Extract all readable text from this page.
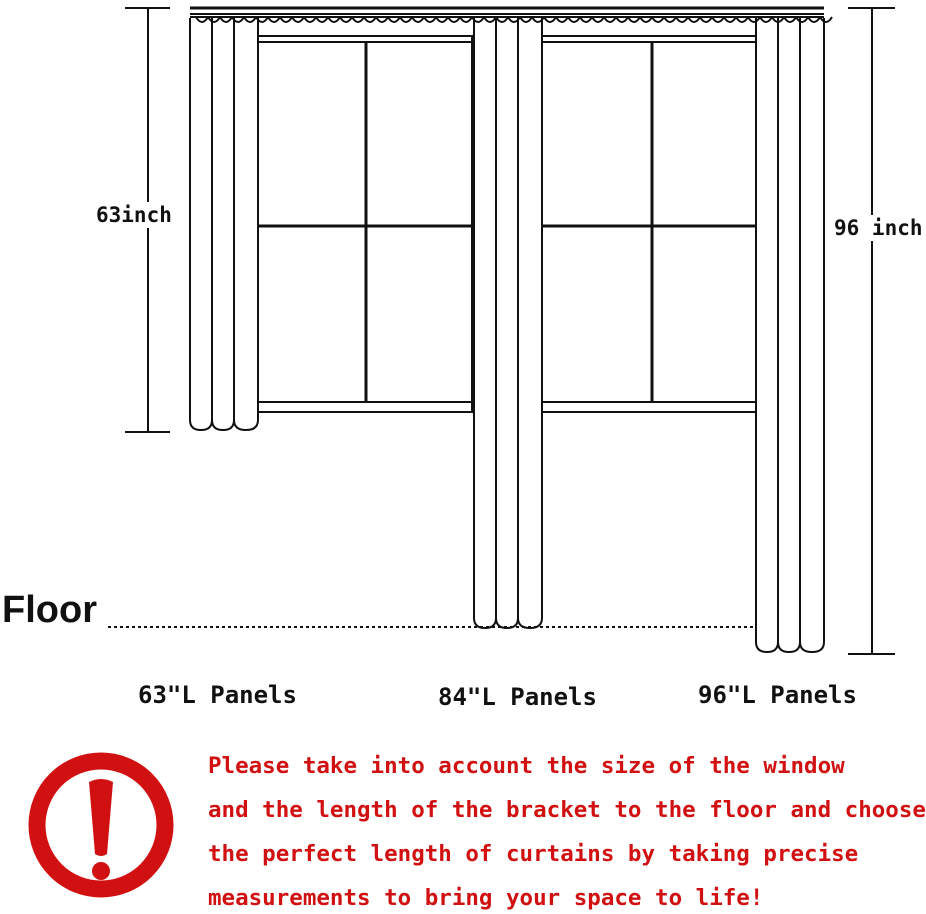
63inch
96 inch
Floor
63"L Panels	84"L Panels	96"L Panels
Please take into account the size of the window
and the length of the bracket to the floor and choose
the perfect length of curtains by taking precise
measurements to bring your space to life!
